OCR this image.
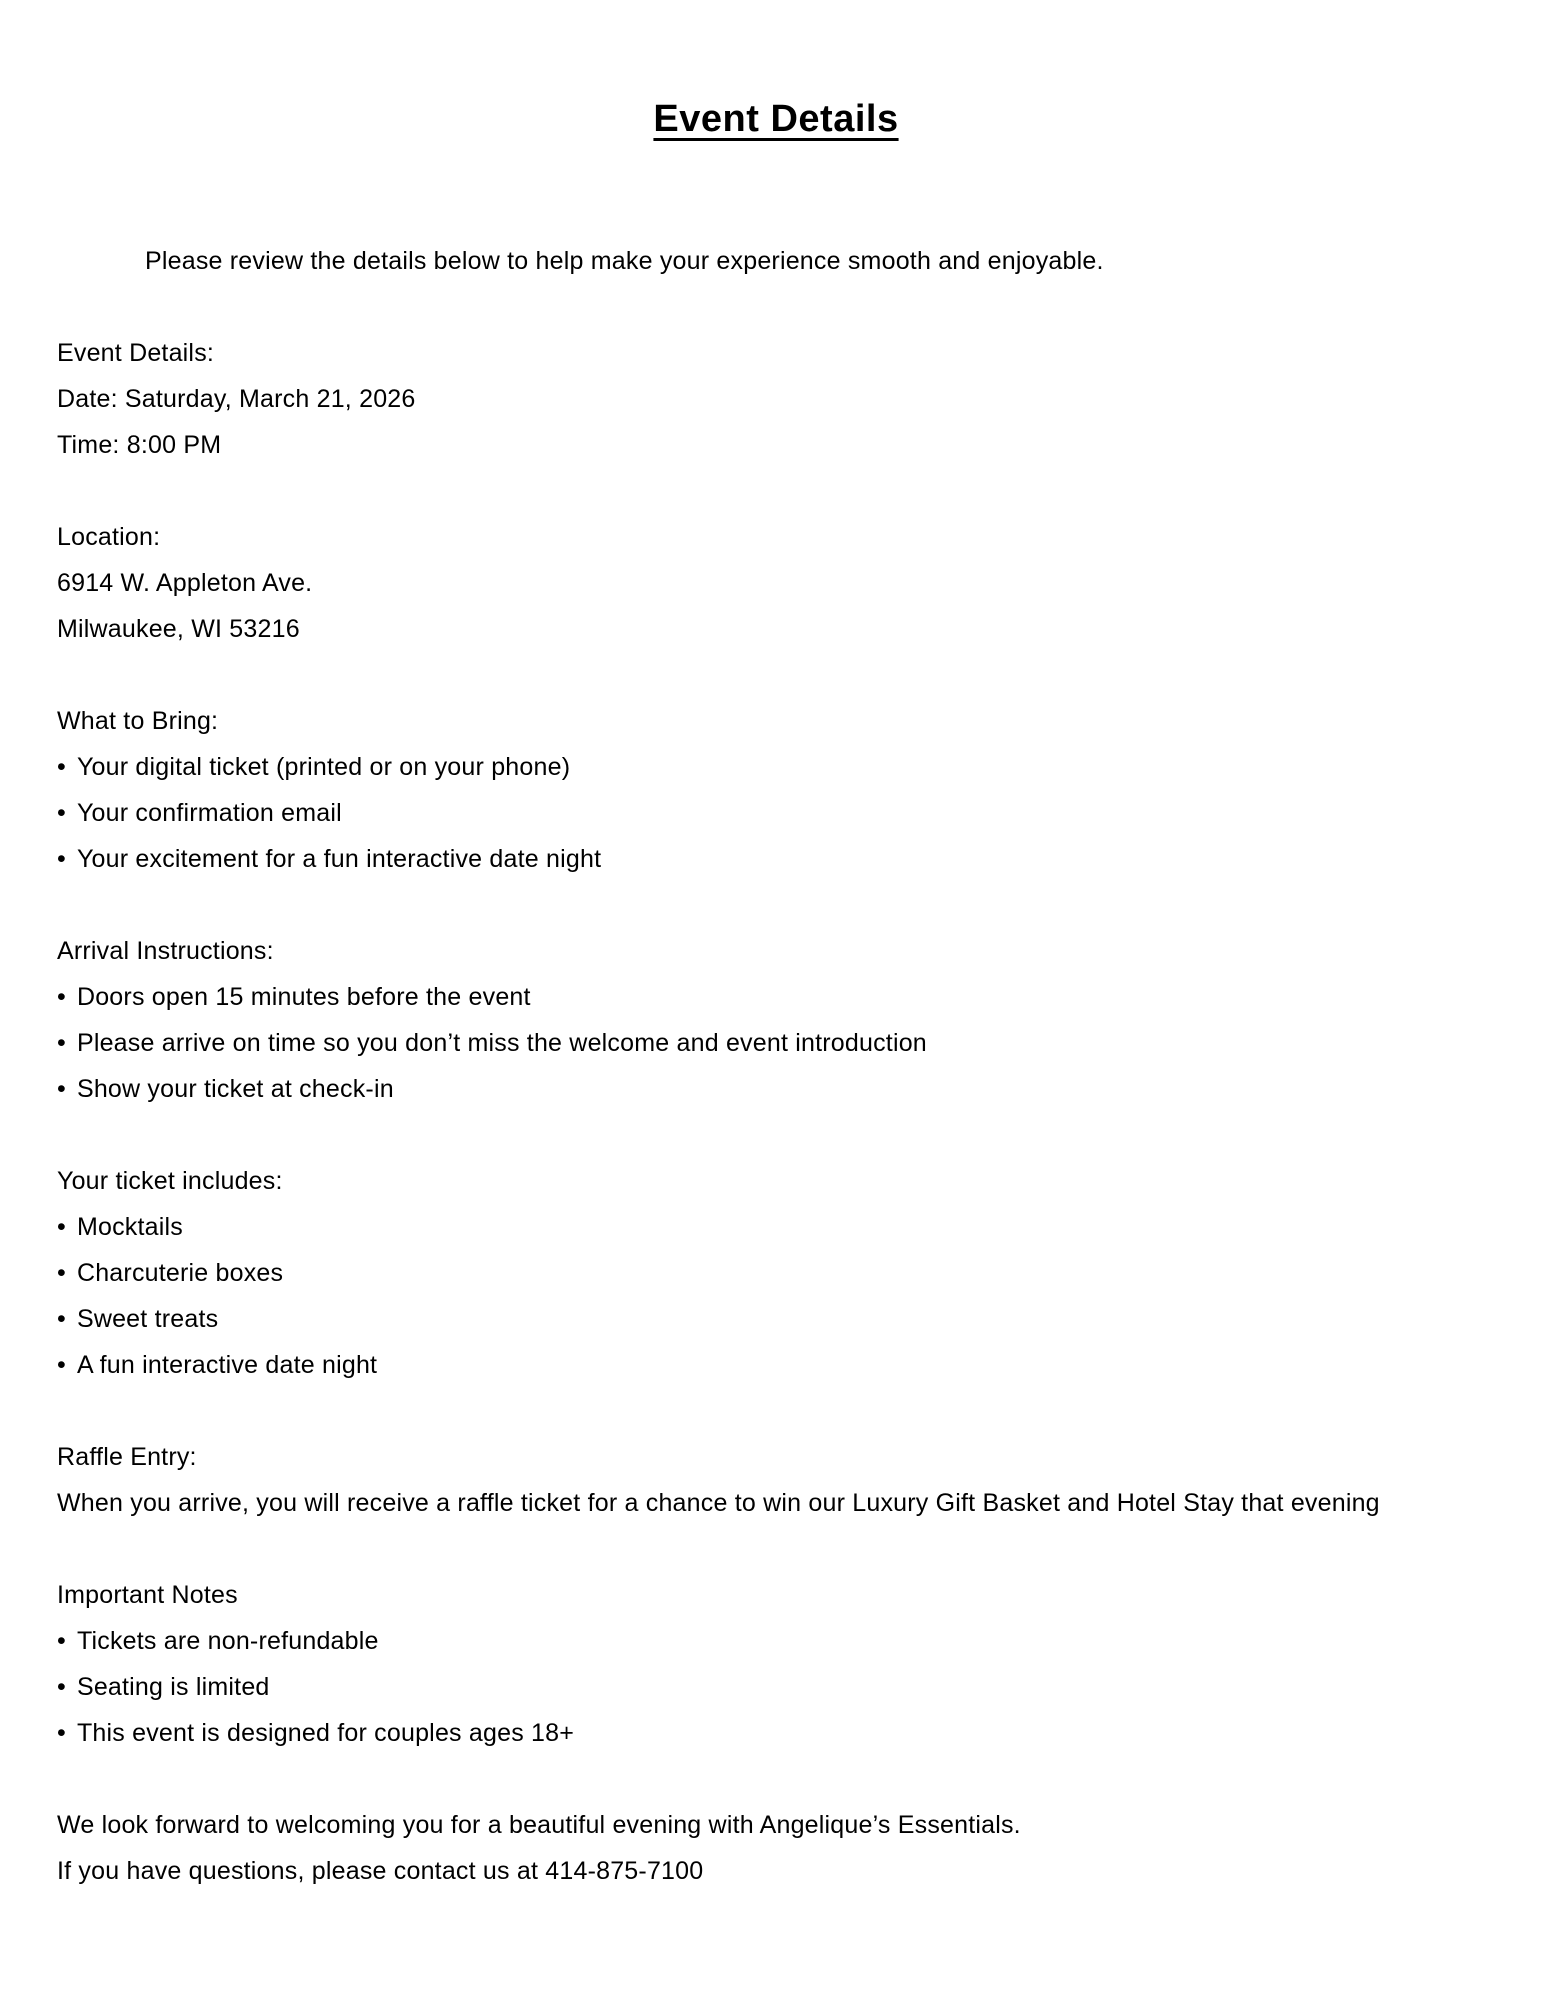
Event Details

Please review the details below to help make your experience smooth and enjoyable.

Event Details:

Date: Saturday, March 21, 2026

Time: 8:00 PM

Location:

6914 W. Appleton Ave.

Milwaukee, WI 53216

What to Bring:

• Your digital ticket (printed or on your phone)

• Your confirmation email

• Your excitement for a fun interactive date night

Arrival Instructions:

• Doors open 15 minutes before the event

• Please arrive on time so you don’t miss the welcome and event introduction

• Show your ticket at check-in

Your ticket includes:

• Mocktails

• Charcuterie boxes

• Sweet treats

• A fun interactive date night

Raffle Entry:

When you arrive, you will receive a raffle ticket for a chance to win our Luxury Gift Basket and Hotel Stay that evening

Important Notes

• Tickets are non-refundable

• Seating is limited

• This event is designed for couples ages 18+

We look forward to welcoming you for a beautiful evening with Angelique’s Essentials.

If you have questions, please contact us at 414-875-7100
